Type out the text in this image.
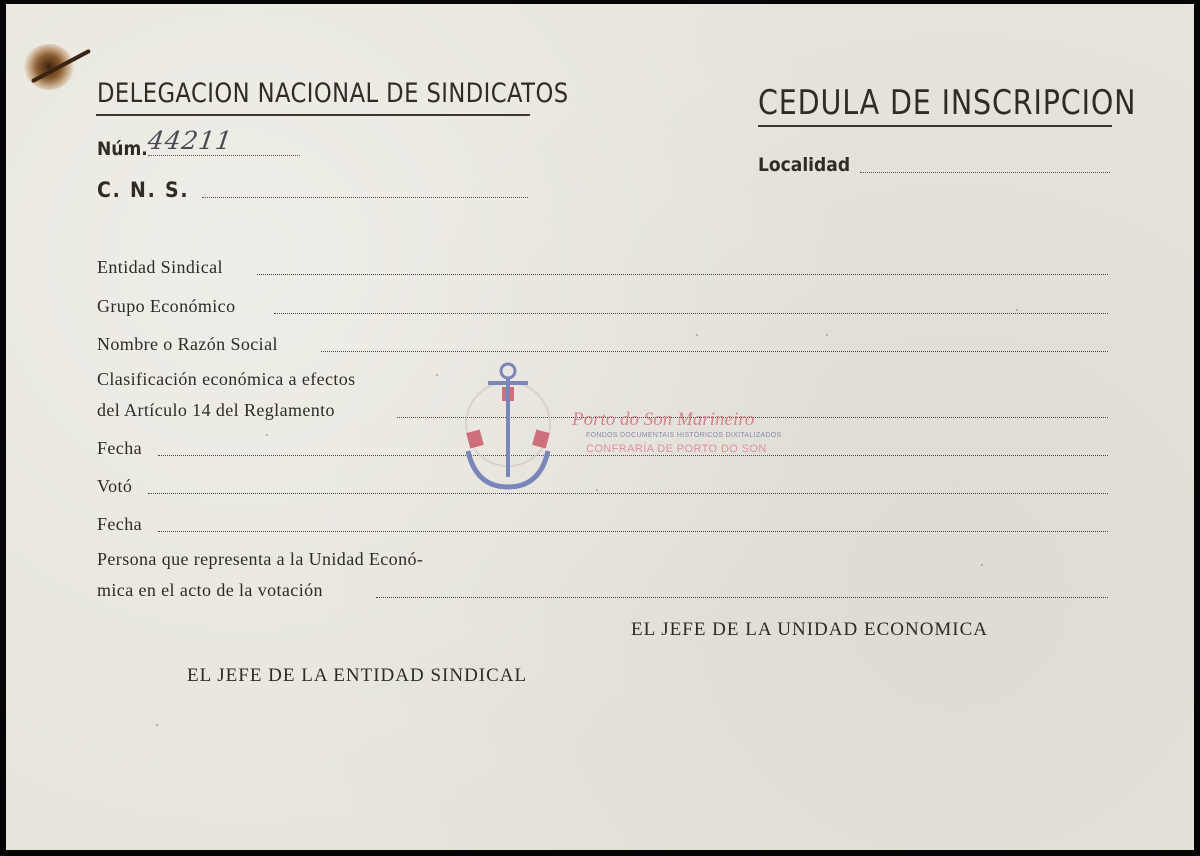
DELEGACION NACIONAL DE SINDICATOS
Núm.
44211
C. N. S.
CEDULA DE INSCRIPCION
Localidad
Entidad Sindical
Grupo Económico
Nombre o Razón Social
Clasificación económica a efectos
del Artículo 14 del Reglamento
Fecha
Votó
Fecha
Persona que representa a la Unidad Econó-
mica en el acto de la votación
EL JEFE DE LA UNIDAD ECONOMICA
EL JEFE DE LA ENTIDAD SINDICAL
Porto do Son Marineiro
FONDOS DOCUMENTAIS HISTÓRICOS DIXITALIZADOS
CONFRARÍA DE PORTO DO SON
